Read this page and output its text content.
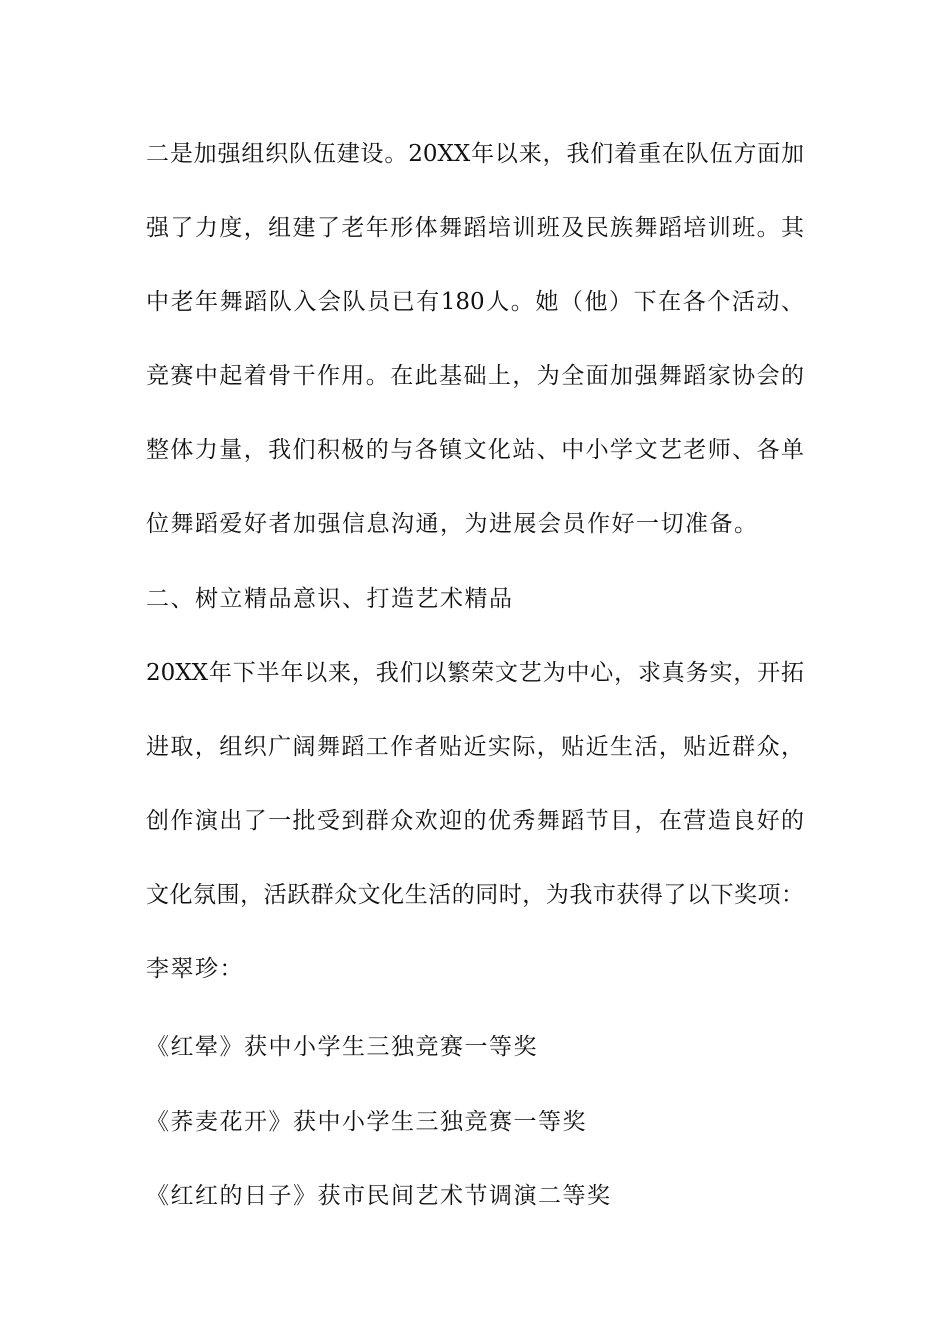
二是加强组织队伍建设。20XX年以来，我们着重在队伍方面加
强了力度，组建了老年形体舞蹈培训班及民族舞蹈培训班。其
中老年舞蹈队入会队员已有180人。她（他）下在各个活动、
竞赛中起着骨干作用。在此基础上，为全面加强舞蹈家协会的
整体力量，我们积极的与各镇文化站、中小学文艺老师、各单
位舞蹈爱好者加强信息沟通，为进展会员作好一切准备。
二、树立精品意识、打造艺术精品
20XX年下半年以来，我们以繁荣文艺为中心，求真务实，开拓
进取，组织广阔舞蹈工作者贴近实际，贴近生活，贴近群众，
创作演出了一批受到群众欢迎的优秀舞蹈节目，在营造良好的
文化氛围，活跃群众文化生活的同时，为我市获得了以下奖项：
李翠珍：
《红晕》获中小学生三独竞赛一等奖
《荞麦花开》获中小学生三独竞赛一等奖
《红红的日子》获市民间艺术节调演二等奖
